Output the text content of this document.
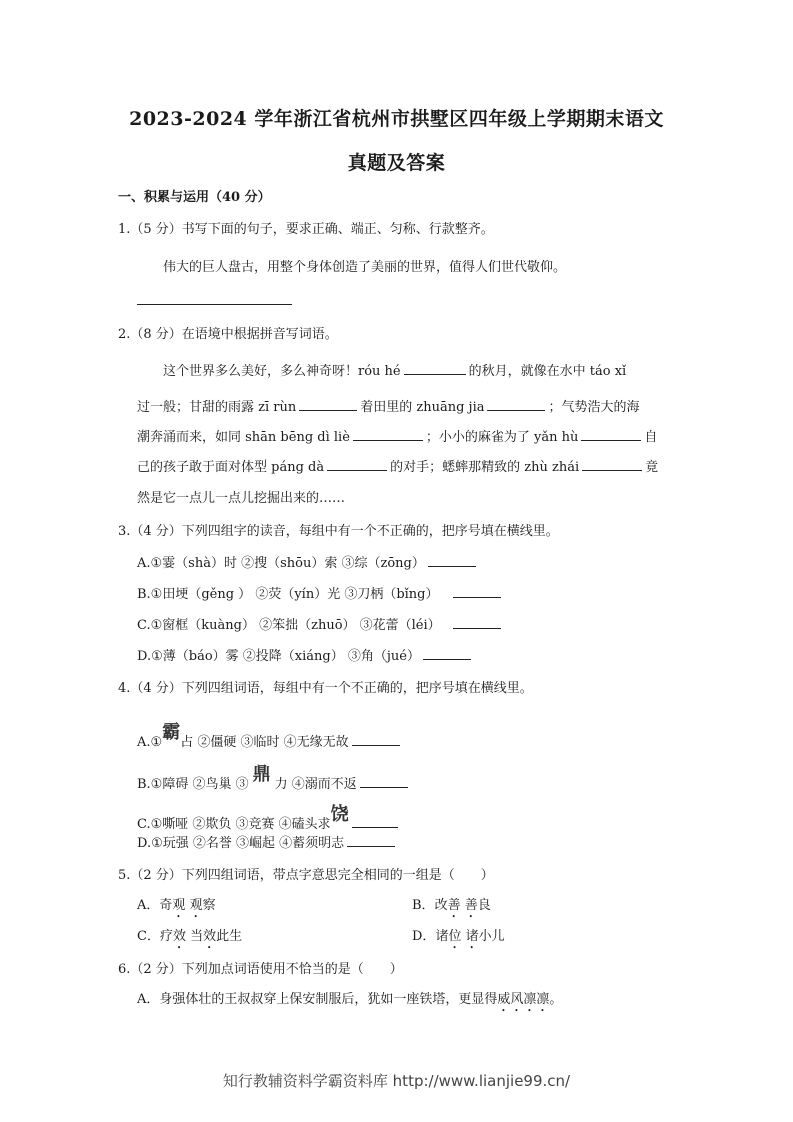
2023-2024 学年浙江省杭州市拱墅区四年级上学期期末语文
真题及答案
一、积累与运用（40 分）
1.（5 分）书写下面的句子，要求正确、端正、匀称、行款整齐。
伟大的巨人盘古，用整个身体创造了美丽的世界，值得人们世代敬仰。
2.（8 分）在语境中根据拼音写词语。
这个世界多么美好，多么神奇呀！róu hé	的秋月，就像在水中 táo xǐ
过一般；甘甜的雨露 zī rùn	着田里的 zhuāng jia	；气势浩大的海
潮奔涌而来，如同 shān bēng dì liè	；小小的麻雀为了 yǎn hù	自
己的孩子敢于面对体型 páng dà	的对手；蟋蟀那精致的 zhù zhái	竟
然是它一点儿一点儿挖掘出来的……
3.（4 分）下列四组字的读音，每组中有一个不正确的，把序号填在横线里。
A.①霎（shà）时 ②搜（shōu）索 ③综（zōng）
B.①田埂（gěng ） ②荧（yín）光 ③刀柄（bǐng）
C.①窗框（kuàng） ②笨拙（zhuō） ③花蕾（léi）
D.①薄（báo）雾 ②投降（xiáng） ③角（jué）
4.（4 分）下列四组词语，每组中有一个不正确的，把序号填在横线里。
A.①霸占 ②僵硬 ③临时 ④无缘无故
B.①障碍 ②鸟巢 ③ 鼎 力 ④溺而不返
C.①嘶哑 ②欺负 ③竞赛 ④磕头求饶
D.①玩强 ②名誉 ③崛起 ④蓄须明志
5.（2 分）下列四组词语，带点字意思完全相同的一组是（　　）
A．奇观 观察	B．改善 善良
C．疗效 当效此生	D．诸位 诸小儿
6.（2 分）下列加点词语使用不恰当的是（　　）
A．身强体壮的王叔叔穿上保安制服后，犹如一座铁塔，更显得威风凛凛。
知行教辅资料学霸资料库 http://www.lianjie99.cn/
